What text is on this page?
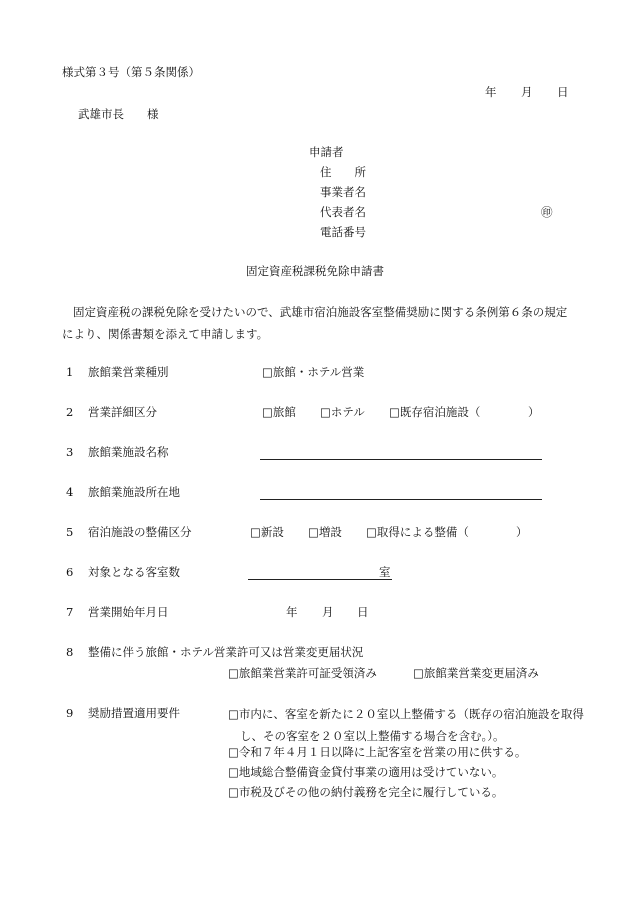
様式第３号（第５条関係）
年 月 日
武雄市長　　様
申請者
住　　所
事業者名
代表者名	㊞
電話番号
固定資産税課税免除申請書
固定資産税の課税免除を受けたいので、武雄市宿泊施設客室整備奨励に関する条例第６条の規定により、関係書類を添えて申請します。
1 旅館業営業種別	□旅館・ホテル営業
2 営業詳細区分	□旅館 □ホテル □既存宿泊施設（	）
3 旅館業施設名称
4 旅館業施設所在地
5 宿泊施設の整備区分	□新設 □増設 □取得による整備（	）
6 対象となる客室数	室
7 営業開始年月日	年 月 日
8 整備に伴う旅館・ホテル営業許可又は営業変更届状況
□旅館業営業許可証受領済み	□旅館業営業変更届済み
9 奨励措置適用要件	□市内に、客室を新たに２０室以上整備する（既存の宿泊施設を取得し、その客室を２０室以上整備する場合を含む。）。
□令和７年４月１日以降に上記客室を営業の用に供する。
□地域総合整備資金貸付事業の適用は受けていない。
□市税及びその他の納付義務を完全に履行している。
